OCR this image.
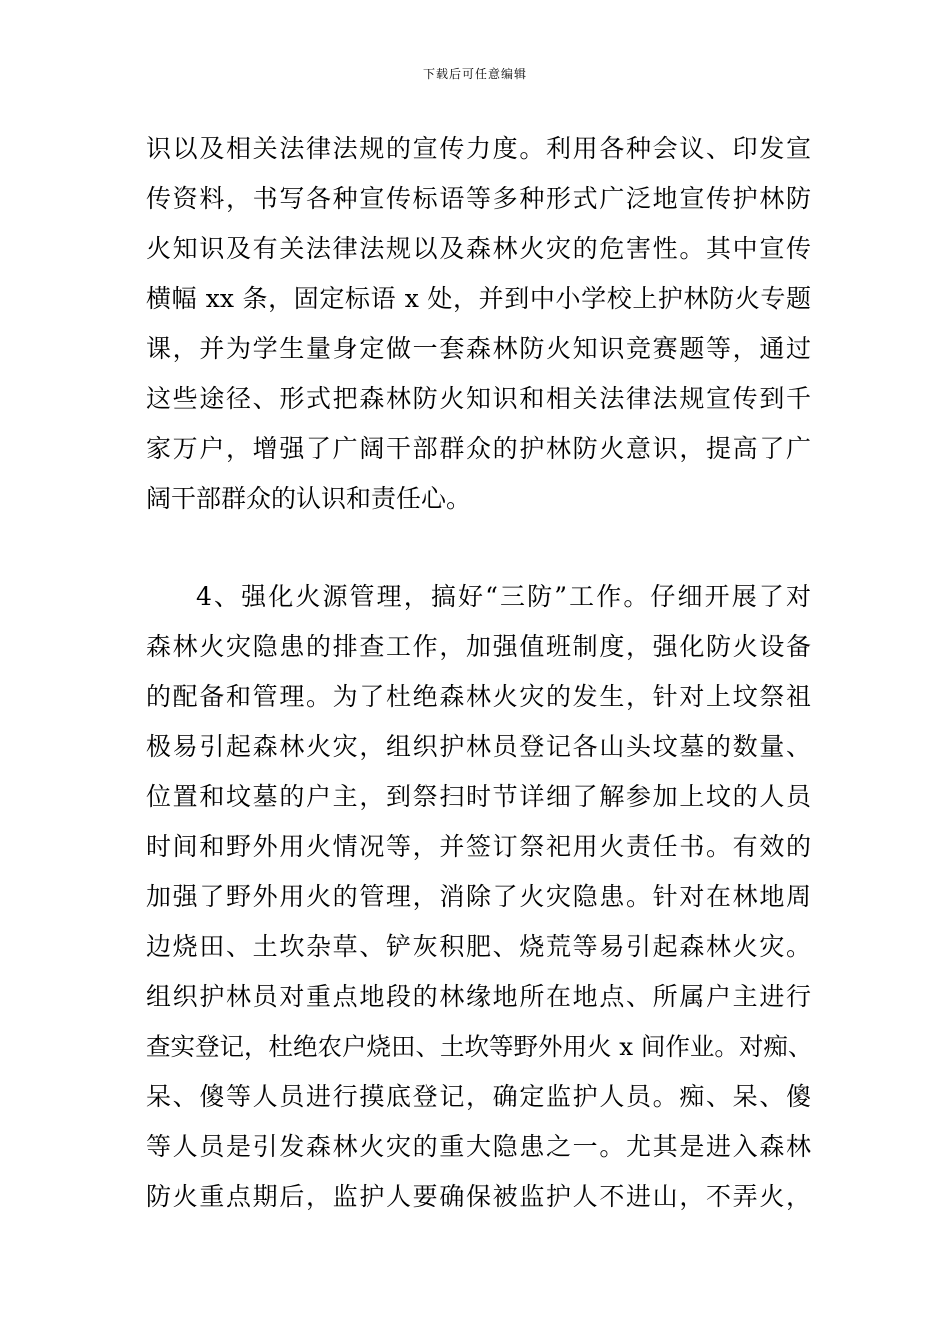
下载后可任意编辑
识以及相关法律法规的宣传力度。利用各种会议、印发宣
传资料，书写各种宣传标语等多种形式广泛地宣传护林防
火知识及有关法律法规以及森林火灾的危害性。其中宣传
横幅 xx 条，固定标语 x 处，并到中小学校上护林防火专题
课，并为学生量身定做一套森林防火知识竞赛题等，通过
这些途径、形式把森林防火知识和相关法律法规宣传到千
家万户，增强了广阔干部群众的护林防火意识，提高了广
阔干部群众的认识和责任心。
4、强化火源管理，搞好“三防”工作。仔细开展了对
森林火灾隐患的排查工作，加强值班制度，强化防火设备
的配备和管理。为了杜绝森林火灾的发生，针对上坟祭祖
极易引起森林火灾，组织护林员登记各山头坟墓的数量、
位置和坟墓的户主，到祭扫时节详细了解参加上坟的人员
时间和野外用火情况等，并签订祭祀用火责任书。有效的
加强了野外用火的管理，消除了火灾隐患。针对在林地周
边烧田、土坎杂草、铲灰积肥、烧荒等易引起森林火灾。
组织护林员对重点地段的林缘地所在地点、所属户主进行
查实登记，杜绝农户烧田、土坎等野外用火 x 间作业。对痴、
呆、傻等人员进行摸底登记，确定监护人员。痴、呆、傻
等人员是引发森林火灾的重大隐患之一。尤其是进入森林
防火重点期后，监护人要确保被监护人不进山，不弄火，
